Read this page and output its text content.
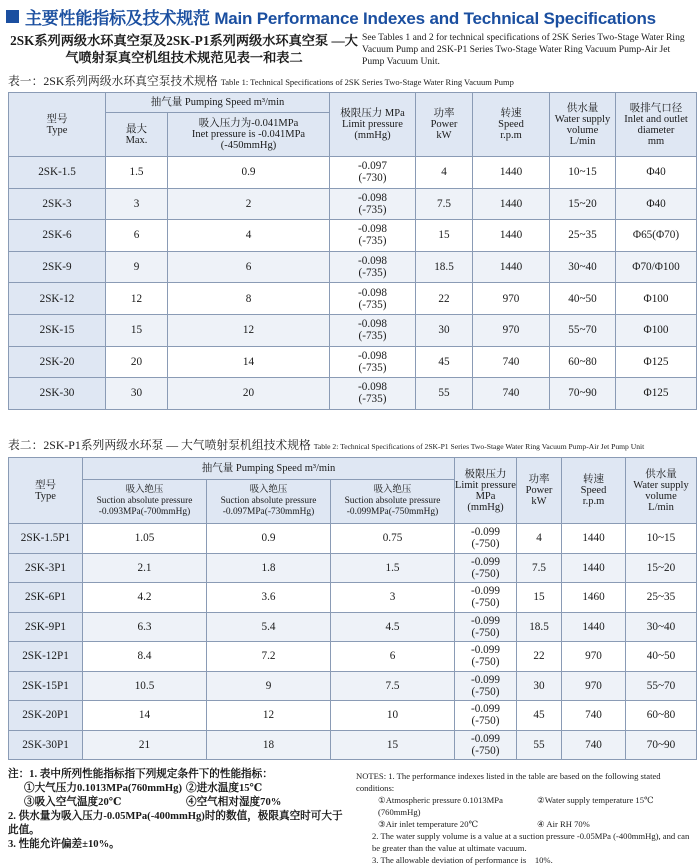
主要性能指标及技术规范 Main Performance Indexes and Technical Specifications
2SK系列两级水环真空泵及2SK-P1系列两级水环真空泵 —大气喷射泵真空机组技术规范见表一和表二
See Tables 1 and 2 for technical specifications of 2SK Series Two-Stage Water Ring Vacuum Pump and 2SK-P1 Series Two-Stage Water Ring Vacuum Pump-Air Jet Pump Vacuum Unit.
表一：2SK系列两级水环真空泵技术规格 Table 1: Technical Specifications of 2SK Series Two-Stage Water Ring Vacuum Pump
型号
Type	抽气量 Pumping Speed m³/min		极限压力 MPa
Limit pressure
(mmHg)	功率
Power
kW	转速
Speed
r.p.m	供水量
Water supply
volume
L/min	吸排气口径
Inlet and outlet
diameter
mm
	最大
Max.	吸入压力为-0.041MPa
Inet pressure is -0.041MPa
(-450mmHg)					
2SK-1.5	1.5	0.9	-0.097
(-730)	4	1440	10~15	Φ40
2SK-3	3	2	-0.098
(-735)	7.5	1440	15~20	Φ40
2SK-6	6	4	-0.098
(-735)	15	1440	25~35	Φ65(Φ70)
2SK-9	9	6	-0.098
(-735)	18.5	1440	30~40	Φ70/Φ100
2SK-12	12	8	-0.098
(-735)	22	970	40~50	Φ100
2SK-15	15	12	-0.098
(-735)	30	970	55~70	Φ100
2SK-20	20	14	-0.098
(-735)	45	740	60~80	Φ125
2SK-30	30	20	-0.098
(-735)	55	740	70~90	Φ125
表二：2SK-P1系列两级水环泵 — 大气喷射泵机组技术规格 Table 2: Technical Specifications of 2SK-P1 Series Two-Stage Water Ring Vacuum Pump-Air Jet Pump Unit
型号
Type	抽气量 Pumping Speed m³/min			极限压力
Limit pressure
MPa
(mmHg)	功率
Power
kW	转速
Speed
r.p.m	供水量
Water supply
volume
L/min
	吸入绝压
Suction absolute pressure
-0.093MPa(-700mmHg)	吸入绝压
Suction absolute pressure
-0.097MPa(-730mmHg)	吸入绝压
Suction absolute pressure
-0.099MPa(-750mmHg)				
2SK-1.5P1	1.05	0.9	0.75	-0.099
(-750)	4	1440	10~15
2SK-3P1	2.1	1.8	1.5	-0.099
(-750)	7.5	1440	15~20
2SK-6P1	4.2	3.6	3	-0.099
(-750)	15	1460	25~35
2SK-9P1	6.3	5.4	4.5	-0.099
(-750)	18.5	1440	30~40
2SK-12P1	8.4	7.2	6	-0.099
(-750)	22	970	40~50
2SK-15P1	10.5	9	7.5	-0.099
(-750)	30	970	55~70
2SK-20P1	14	12	10	-0.099
(-750)	45	740	60~80
2SK-30P1	21	18	15	-0.099
(-750)	55	740	70~90
注：1. 表中所列性能指标指下列规定条件下的性能指标：
①大气压力0.1013MPa(760mmHg) ②进水温度15℃
③吸入空气温度20℃	④空气相对湿度70%
2. 供水量为吸入压力-0.05MPa(-400mmHg)时的数值，极限真空时可大于此值。
3. 性能允许偏差±10%。
NOTES: 1. The performance indexes listed in the table are based on the following stated conditions:
①Atmospheric pressure 0.1013MPa (760mmHg)
②Water supply temperature 15℃
③Air inlet temperature 20℃	④ Air RH 70%
2. The water supply volume is a value at a suction pressure -0.05MPa (-400mmHg), and can be greater than the value at ultimate vacuum.
3. The allowable deviation of performance is　10%.
